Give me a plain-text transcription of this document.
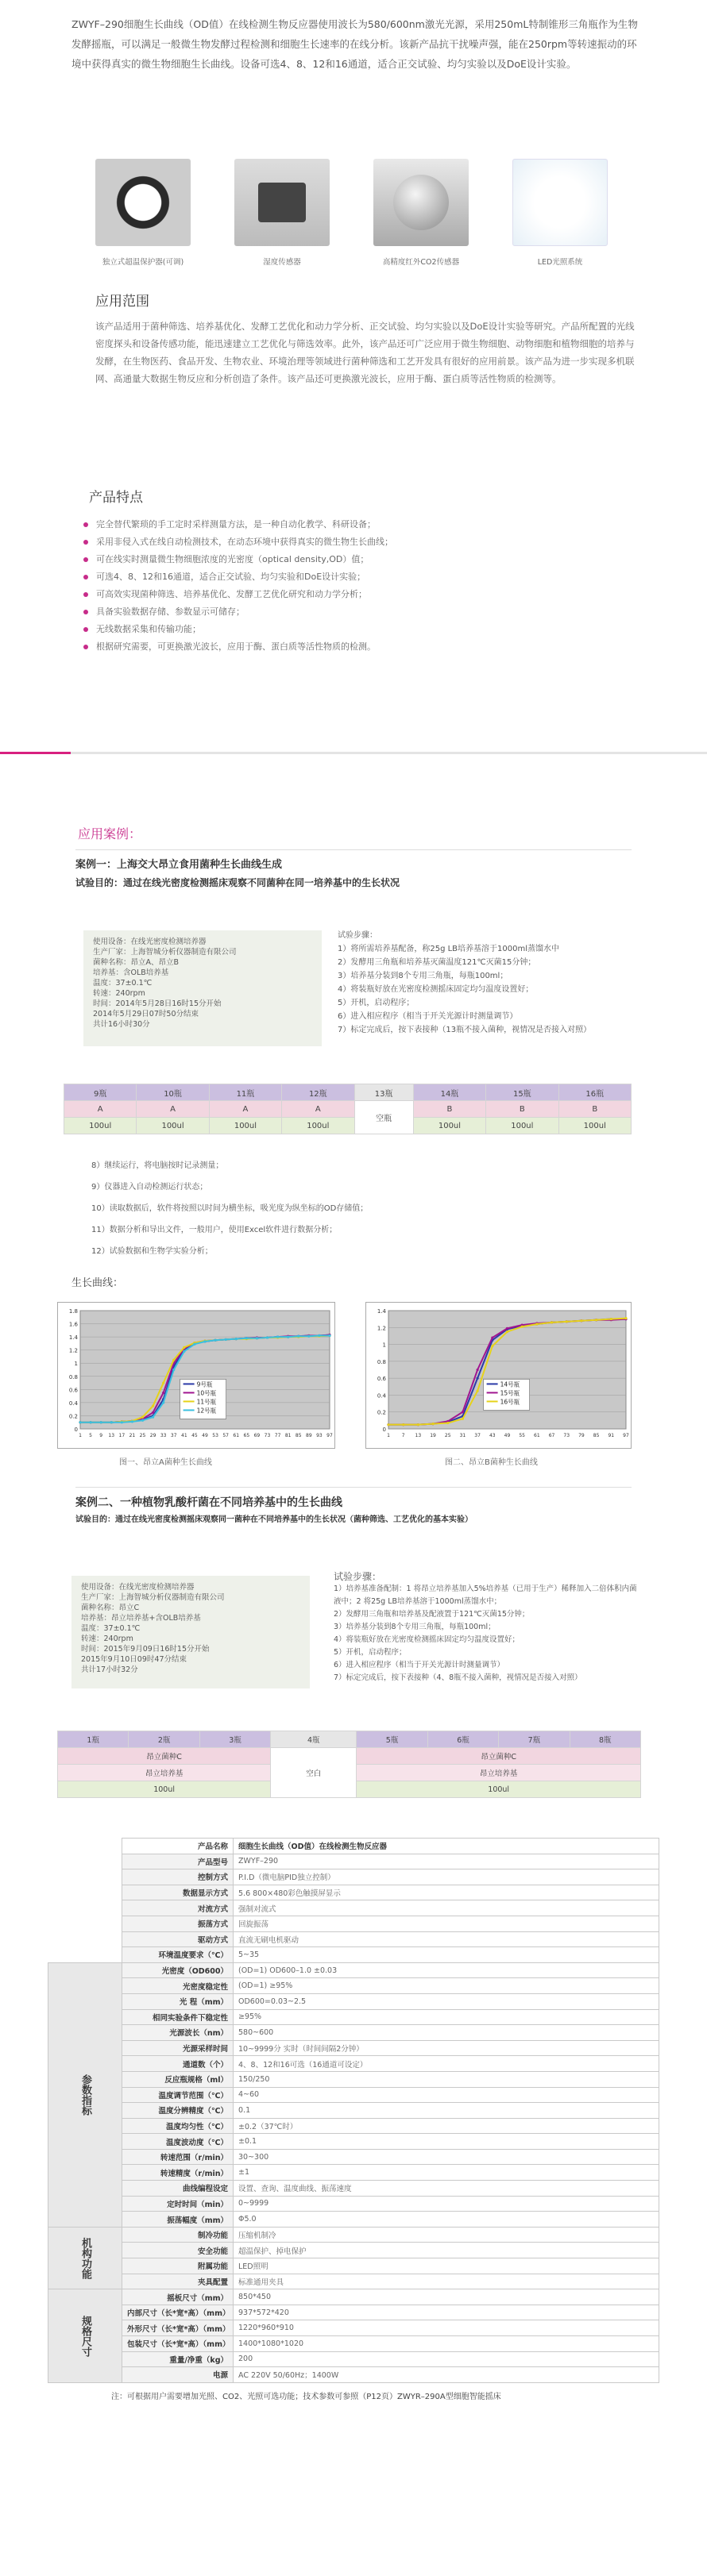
ZWYF–290细胞生长曲线（OD值）在线检测生物反应器使用波长为580/600nm激光光源，采用250mL特制锥形三角瓶作为生物发酵摇瓶，可以满足一般微生物发酵过程检测和细胞生长速率的在线分析。该新产品抗干扰噪声强，能在250rpm等转速振动的环境中获得真实的微生物细胞生长曲线。设备可选4、8、12和16通道，适合正交试验、均匀实验以及DoE设计实验。
独立式超温保护器(可调)	湿度传感器	高精度红外CO2传感器	LED光照系统
应用范围
该产品适用于菌种筛选、培养基优化、发酵工艺优化和动力学分析、正交试验、均匀实验以及DoE设计实验等研究。产品所配置的光线密度探头和设备传感功能，能迅速建立工艺优化与筛选效率。此外，该产品还可广泛应用于微生物细胞、动物细胞和植物细胞的培养与发酵，在生物医药、食品开发、生物农业、环境治理等领域进行菌种筛选和工艺开发具有很好的应用前景。该产品为进一步实现多机联网、高通量大数据生物反应和分析创造了条件。该产品还可更换激光波长，应用于酶、蛋白质等活性物质的检测等。
产品特点
完全替代繁琐的手工定时采样测量方法，是一种自动化教学、科研设备；
采用非侵入式在线自动检测技术，在动态环境中获得真实的微生物生长曲线；
可在线实时测量微生物细胞浓度的光密度（optical density,OD）值；
可选4、8、12和16通道，适合正交试验、均匀实验和DoE设计实验；
可高效实现菌种筛选、培养基优化、发酵工艺优化研究和动力学分析；
具备实验数据存储、参数显示可储存；
无线数据采集和传输功能；
根据研究需要，可更换激光波长，应用于酶、蛋白质等活性物质的检测。
应用案例：
案例一：上海交大昂立食用菌种生长曲线生成
试验目的：通过在线光密度检测摇床观察不同菌种在同一培养基中的生长状况
使用设备：在线光密度检测培养器
生产厂家：上海智城分析仪器制造有限公司
菌种名称：昂立A、昂立B
培养基：含OLB培养基
温度：37±0.1℃
转速：240rpm
时间：2014年5月28日16时15分开始
2014年5月29日07时50分结束
共计16小时30分
试验步骤：
1）将所需培养基配备，称25g LB培养基溶于1000ml蒸馏水中
2）发酵用三角瓶和培养基灭菌温度121℃灭菌15分钟；
3）培养基分装到8个专用三角瓶，每瓶100ml；
4）将装瓶好放在光密度检测摇床固定均匀温度设置好；
5）开机，启动程序；
6）进入相应程序（相当于开关光源计时测量调节）
7）标定完成后，按下表接种（13瓶不接入菌种，视情况是否接入对照）
9瓶	10瓶	11瓶	12瓶	13瓶	14瓶	15瓶	16瓶
A	A	A	A	空瓶	B	B	B
100ul	100ul	100ul	100ul		100ul	100ul	100ul
8）继续运行，将电脑按时记录测量；
9）仪器进入自动检测运行状态；
10）读取数据后，软件将按照以时间为横坐标，吸光度为纵坐标的OD存储值；
11）数据分析和导出文件，一般用户，使用Excel软件进行数据分析；
12）试验数据和生物学实验分析；
生长曲线：
0
0.2
0.4
0.6
0.8
1
1.2
1.4
1.6
1.8
1 5 9 13 17 21 25 29 33 37 41 45 49 53 57 61 65 69 73 77 81 85 89 93 97
9号瓶
10号瓶
11号瓶
12号瓶
0
0.2
0.4
0.6
0.8
1
1.2
1.4
1 7 13 19 25 31 37 43 49 55 61 67 73 79 85 91 97
14号瓶
15号瓶
16号瓶
图一、昂立A菌种生长曲线	图二、昂立B菌种生长曲线
案例二、一种植物乳酸杆菌在不同培养基中的生长曲线
试验目的：通过在线光密度检测摇床观察同一菌种在不同培养基中的生长状况（菌种筛选、工艺优化的基本实验）
使用设备：在线光密度检测培养器
生产厂家：上海智城分析仪器制造有限公司
菌种名称：昂立C
培养基：昂立培养基+含OLB培养基
温度：37±0.1℃
转速：240rpm
时间：2015年9月09日16时15分开始
2015年9月10日09时47分结束
共计17小时32分
试验步骤：
1）培养基准备配制：1 将昂立培养基加入5%培养基（已用于生产）稀释加入二倍体积内菌液中；2 将25g LB培养基溶于1000ml蒸馏水中；
2）发酵用三角瓶和培养基及配液置于121℃灭菌15分钟；
3）培养基分装到8个专用三角瓶，每瓶100ml；
4）将装瓶好放在光密度检测摇床固定均匀温度设置好；
5）开机，启动程序；
6）进入相应程序（相当于开关光源计时测量调节）
7）标定完成后，按下表接种（4、8瓶不接入菌种，视情况是否接入对照）
1瓶	2瓶	3瓶	4瓶	5瓶	6瓶	7瓶	8瓶
昂立菌种C			空白	昂立菌种C			
昂立培养基				昂立培养基			
100ul				100ul			
	产品名称	细胞生长曲线（OD值）在线检测生物反应器
	产品型号	ZWYF–290
	控制方式	P.I.D（微电脑PID独立控制）
	数据显示方式	5.6 800×480彩色触摸屏显示
	对流方式	强制对流式
	振荡方式	回旋振荡
	驱动方式	直流无刷电机驱动
	环境温度要求（℃）	5~35
参数指标	光密度（OD600）	(OD=1) OD600–1.0 ±0.03
	光密度稳定性	(OD=1) ≥95%
	光 程（mm）	OD600=0.03~2.5
	相同实验条件下稳定性	≥95%
	光源波长（nm）	580~600
	光源采样时间	10~9999分 实时（时间间隔2分钟）
	通道数（个）	4、8、12和16可选（16通道可设定）
	反应瓶规格（ml）	150/250
	温度调节范围（℃）	4~60
	温度分辨精度（℃）	0.1
	温度均匀性（℃）	±0.2（37℃时）
	温度波动度（℃）	±0.1
	转速范围（r/min）	30~300
	转速精度（r/min）	±1
	曲线编程设定	设置、查询、温度曲线、振荡速度
	定时时间（min）	0~9999
	振荡幅度（mm）	Φ5.0
机构功能	制冷功能	压缩机制冷
	安全功能	超温保护、掉电保护
	附属功能	LED照明
	夹具配置	标准通用夹具
规格尺寸	摇板尺寸（mm）	850*450
	内部尺寸（长*宽*高）（mm）	937*572*420
	外形尺寸（长*宽*高）（mm）	1220*960*910
	包装尺寸（长*宽*高）（mm）	1400*1080*1020
	重量/净重（kg）	200
	电源	AC 220V 50/60Hz；1400W
注：可根据用户需要增加光照、CO2、光照可选功能；技术参数可参照（P12页）ZWYR–290A型细胞智能摇床
